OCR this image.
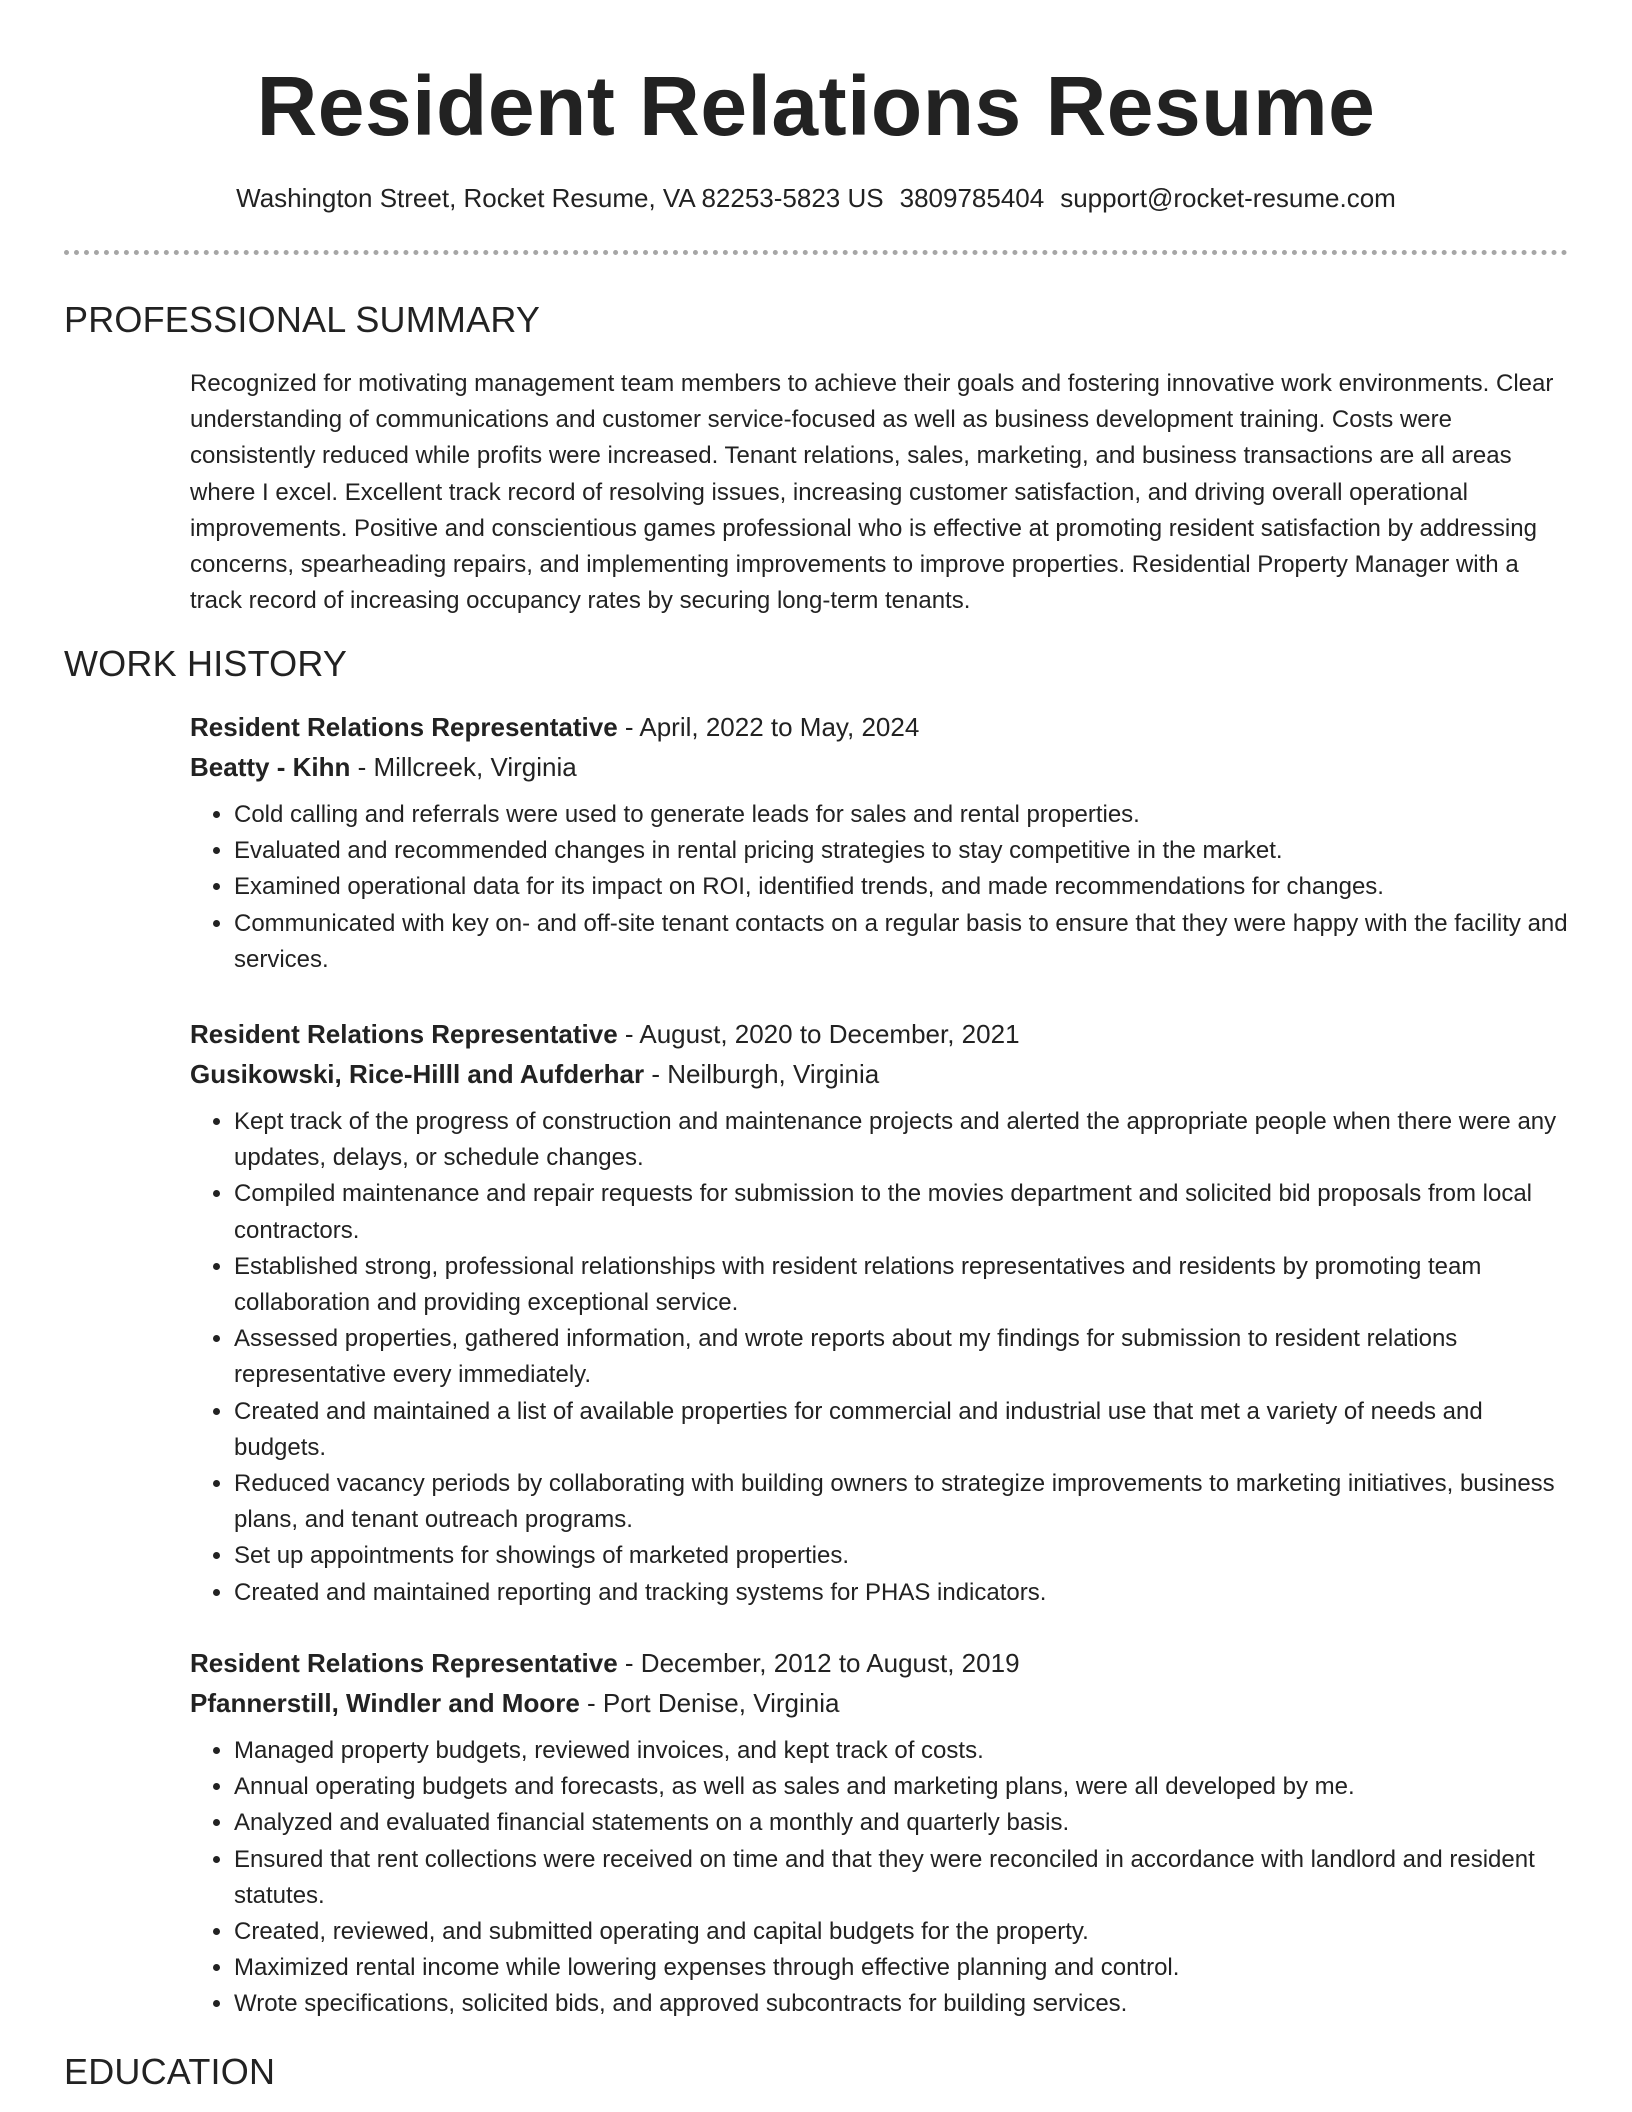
Resident Relations Resume
Washington Street, Rocket Resume, VA 82253-5823 US 3809785404 support@rocket-resume.com
PROFESSIONAL SUMMARY

Recognized for motivating management team members to achieve their goals and fostering innovative work environments. Clear understanding of communications and customer service-focused as well as business development training. Costs were consistently reduced while profits were increased. Tenant relations, sales, marketing, and business transactions are all areas where I excel. Excellent track record of resolving issues, increasing customer satisfaction, and driving overall operational improvements. Positive and conscientious games professional who is effective at promoting resident satisfaction by addressing concerns, spearheading repairs, and implementing improvements to improve properties. Residential Property Manager with a track record of increasing occupancy rates by securing long-term tenants.

WORK HISTORY
Resident Relations Representative - April, 2022 to May, 2024
Beatty - Kihn - Millcreek, Virginia
• Cold calling and referrals were used to generate leads for sales and rental properties.
• Evaluated and recommended changes in rental pricing strategies to stay competitive in the market.
• Examined operational data for its impact on ROI, identified trends, and made recommendations for changes.
• Communicated with key on- and off-site tenant contacts on a regular basis to ensure that they were happy with the facility and services.
Resident Relations Representative - August, 2020 to December, 2021
Gusikowski, Rice-Hilll and Aufderhar - Neilburgh, Virginia
• Kept track of the progress of construction and maintenance projects and alerted the appropriate people when there were any updates, delays, or schedule changes.
• Compiled maintenance and repair requests for submission to the movies department and solicited bid proposals from local contractors.
• Established strong, professional relationships with resident relations representatives and residents by promoting team collaboration and providing exceptional service.
• Assessed properties, gathered information, and wrote reports about my findings for submission to resident relations representative every immediately.
• Created and maintained a list of available properties for commercial and industrial use that met a variety of needs and budgets.
• Reduced vacancy periods by collaborating with building owners to strategize improvements to marketing initiatives, business plans, and tenant outreach programs.
• Set up appointments for showings of marketed properties.
• Created and maintained reporting and tracking systems for PHAS indicators.
Resident Relations Representative - December, 2012 to August, 2019
Pfannerstill, Windler and Moore - Port Denise, Virginia
• Managed property budgets, reviewed invoices, and kept track of costs.
• Annual operating budgets and forecasts, as well as sales and marketing plans, were all developed by me.
• Analyzed and evaluated financial statements on a monthly and quarterly basis.
• Ensured that rent collections were received on time and that they were reconciled in accordance with landlord and resident statutes.
• Created, reviewed, and submitted operating and capital budgets for the property.
• Maximized rental income while lowering expenses through effective planning and control.
• Wrote specifications, solicited bids, and approved subcontracts for building services.
EDUCATION
